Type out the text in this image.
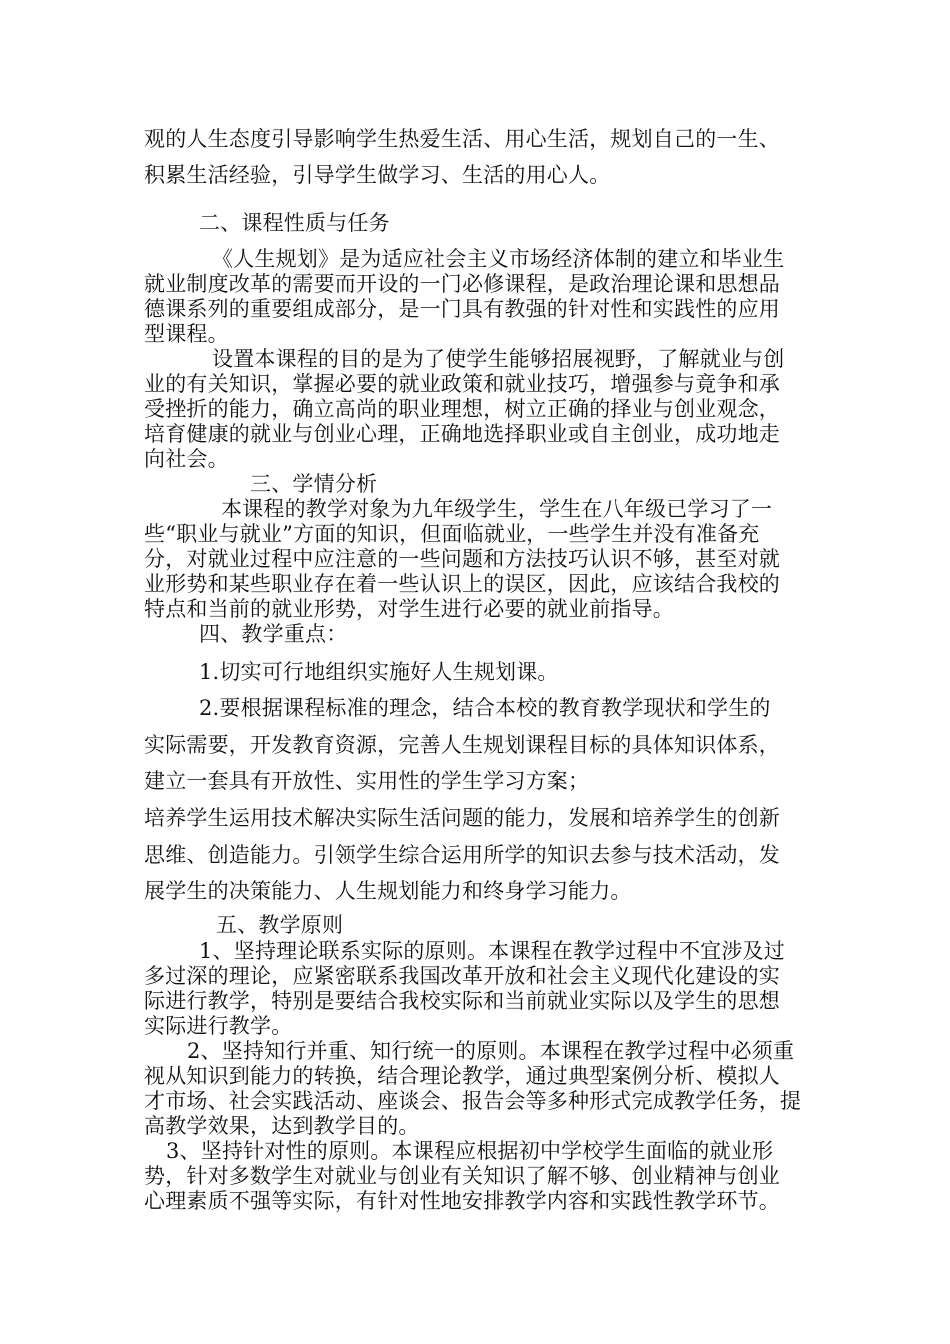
观的人生态度引导影响学生热爱生活、用心生活，规划自己的一生、
积累生活经验，引导学生做学习、生活的用心人。
二、课程性质与任务
《人生规划》是为适应社会主义市场经济体制的建立和毕业生
就业制度改革的需要而开设的一门必修课程，是政治理论课和思想品
德课系列的重要组成部分，是一门具有教强的针对性和实践性的应用
型课程。
设置本课程的目的是为了使学生能够招展视野，了解就业与创
业的有关知识，掌握必要的就业政策和就业技巧，增强参与竟争和承
受挫折的能力，确立高尚的职业理想，树立正确的择业与创业观念，
培育健康的就业与创业心理，正确地选择职业或自主创业，成功地走
向社会。
三、学情分析
本课程的教学对象为九年级学生，学生在八年级已学习了一
些“职业与就业”方面的知识，但面临就业，一些学生并没有准备充
分，对就业过程中应注意的一些问题和方法技巧认识不够，甚至对就
业形势和某些职业存在着一些认识上的误区，因此，应该结合我校的
特点和当前的就业形势，对学生进行必要的就业前指导。
四、教学重点：
1.切实可行地组织实施好人生规划课。
2.要根据课程标准的理念，结合本校的教育教学现状和学生的
实际需要，开发教育资源，完善人生规划课程目标的具体知识体系，
建立一套具有开放性、实用性的学生学习方案；
培养学生运用技术解决实际生活问题的能力，发展和培养学生的创新
思维、创造能力。引领学生综合运用所学的知识去参与技术活动，发
展学生的决策能力、人生规划能力和终身学习能力。
五、教学原则
1、坚持理论联系实际的原则。本课程在教学过程中不宜涉及过
多过深的理论，应紧密联系我国改革开放和社会主义现代化建设的实
际进行教学，特别是要结合我校实际和当前就业实际以及学生的思想
实际进行教学。
2、坚持知行并重、知行统一的原则。本课程在教学过程中必须重
视从知识到能力的转换，结合理论教学，通过典型案例分析、模拟人
才市场、社会实践活动、座谈会、报告会等多种形式完成教学任务，提
高教学效果，达到教学目的。
3、坚持针对性的原则。本课程应根据初中学校学生面临的就业形
势，针对多数学生对就业与创业有关知识了解不够、创业精神与创业
心理素质不强等实际，有针对性地安排教学内容和实践性教学环节。
